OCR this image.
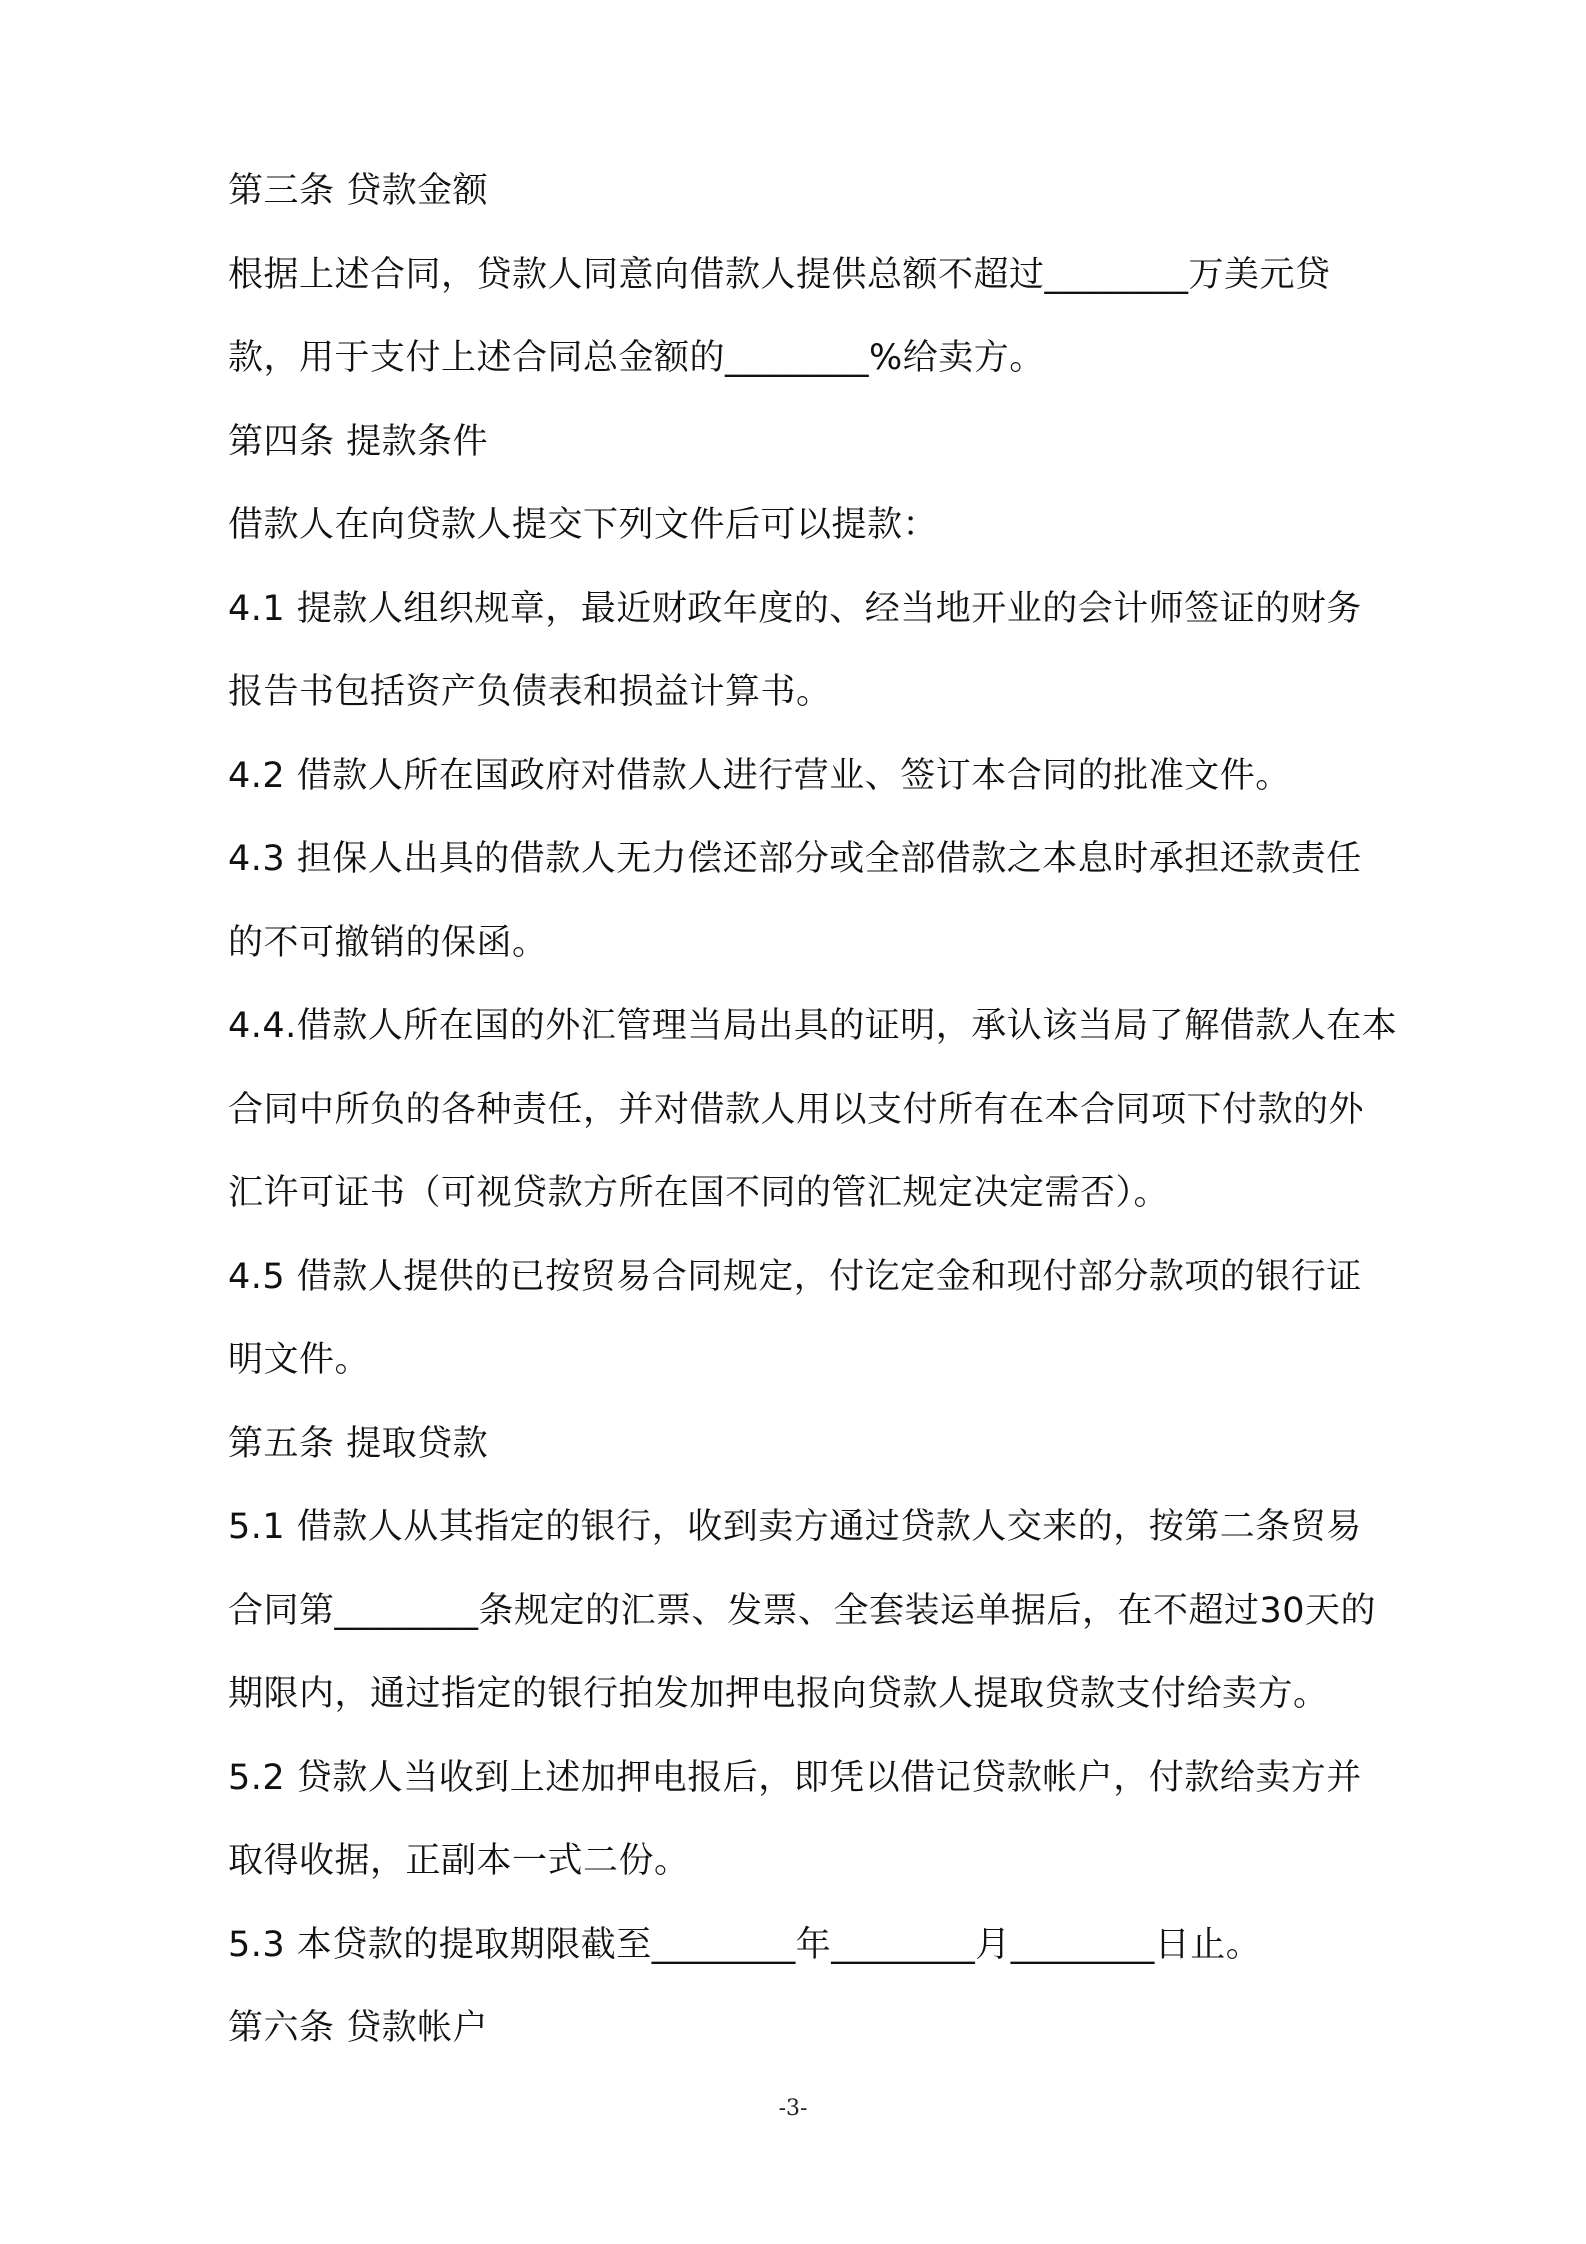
第三条 贷款金额
根据上述合同，贷款人同意向借款人提供总额不超过________万美元贷
款，用于支付上述合同总金额的________%给卖方。
第四条 提款条件
借款人在向贷款人提交下列文件后可以提款：
4.1 提款人组织规章，最近财政年度的、经当地开业的会计师签证的财务
报告书包括资产负债表和损益计算书。
4.2 借款人所在国政府对借款人进行营业、签订本合同的批准文件。
4.3 担保人出具的借款人无力偿还部分或全部借款之本息时承担还款责任
的不可撤销的保函。
4.4.借款人所在国的外汇管理当局出具的证明，承认该当局了解借款人在本
合同中所负的各种责任，并对借款人用以支付所有在本合同项下付款的外
汇许可证书（可视贷款方所在国不同的管汇规定决定需否）。
4.5 借款人提供的已按贸易合同规定，付讫定金和现付部分款项的银行证
明文件。
第五条 提取贷款
5.1 借款人从其指定的银行，收到卖方通过贷款人交来的，按第二条贸易
合同第________条规定的汇票、发票、全套装运单据后，在不超过30天的
期限内，通过指定的银行拍发加押电报向贷款人提取贷款支付给卖方。
5.2 贷款人当收到上述加押电报后，即凭以借记贷款帐户，付款给卖方并
取得收据，正副本一式二份。
5.3 本贷款的提取期限截至________年________月________日止。
第六条 贷款帐户
-3-
